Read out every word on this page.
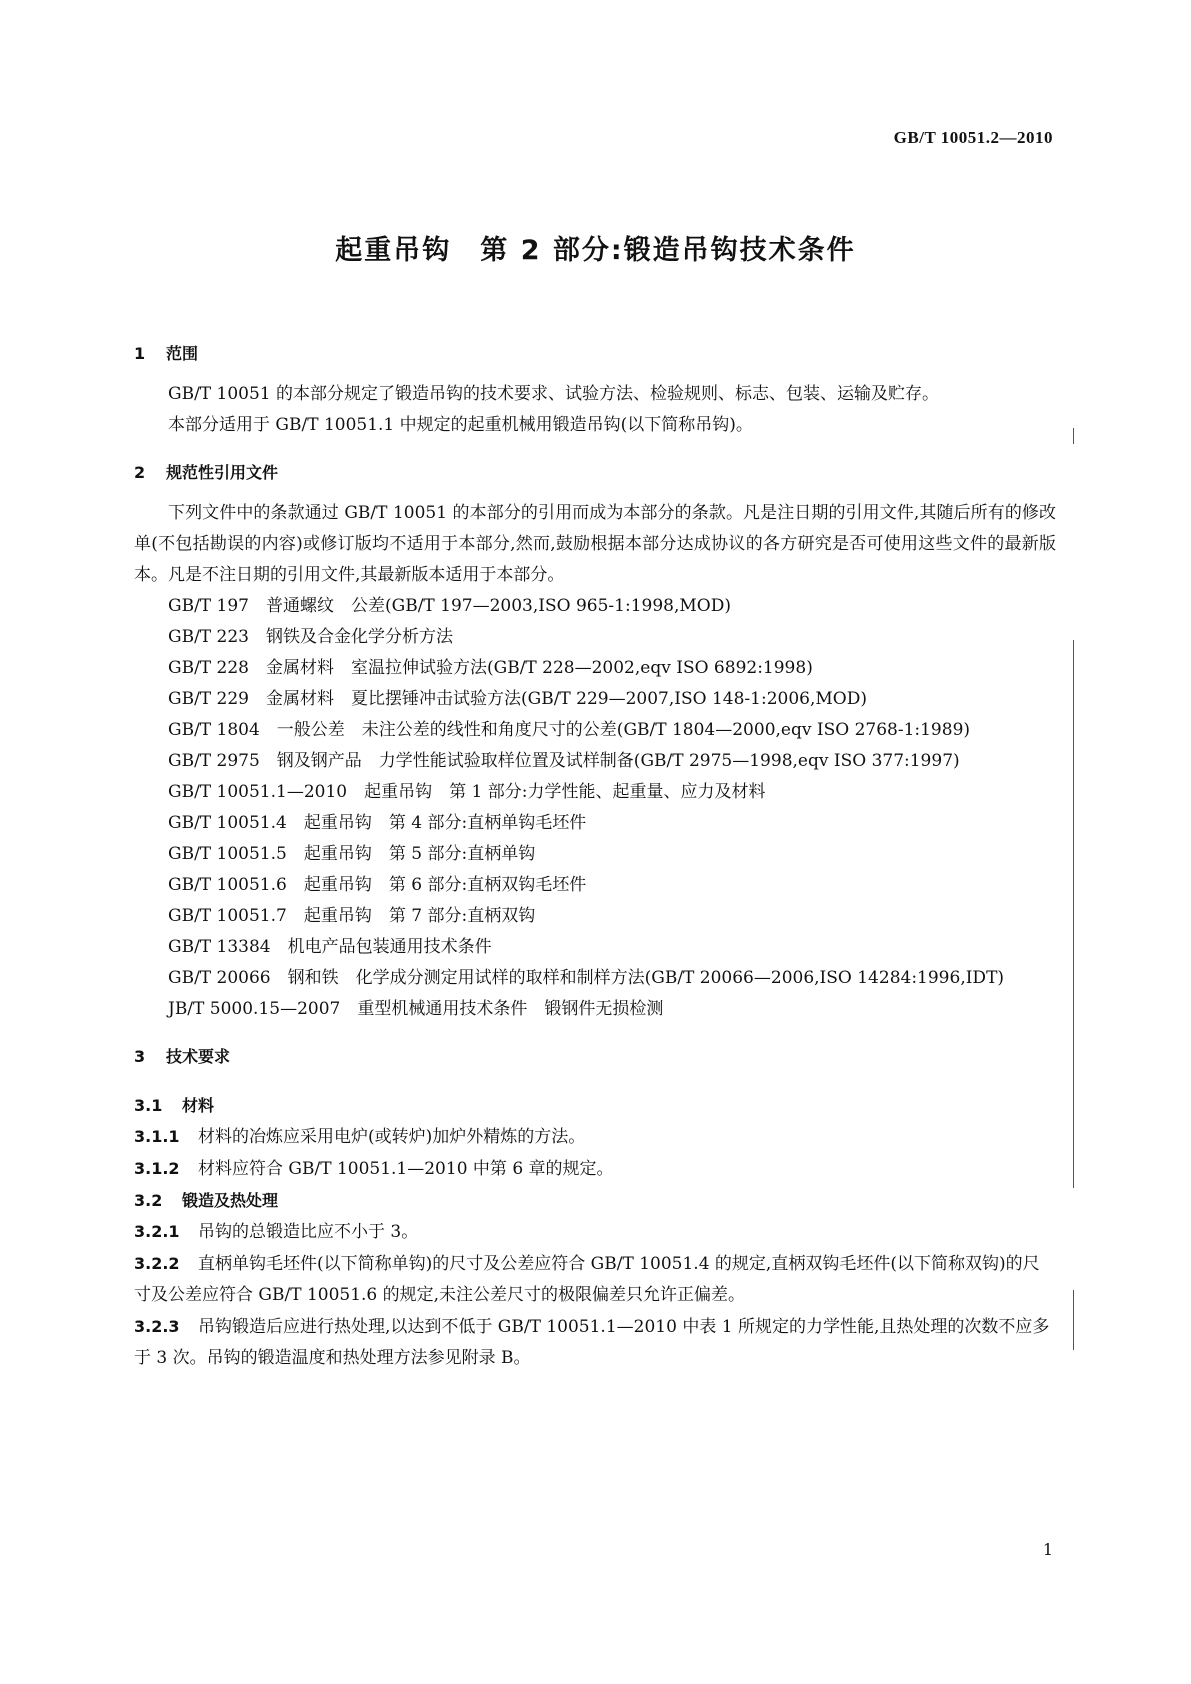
GB/T 10051.2—2010
起重吊钩　第 2 部分:锻造吊钩技术条件
1 范围

GB/T 10051 的本部分规定了锻造吊钩的技术要求、试验方法、检验规则、标志、包装、运输及贮存。

本部分适用于 GB/T 10051.1 中规定的起重机械用锻造吊钩(以下简称吊钩)。

2 规范性引用文件

下列文件中的条款通过 GB/T 10051 的本部分的引用而成为本部分的条款。凡是注日期的引用文件,其随后所有的修改单(不包括勘误的内容)或修订版均不适用于本部分,然而,鼓励根据本部分达成协议的各方研究是否可使用这些文件的最新版本。凡是不注日期的引用文件,其最新版本适用于本部分。

GB/T 197　普通螺纹　公差(GB/T 197—2003,ISO 965-1:1998,MOD)

GB/T 223　钢铁及合金化学分析方法

GB/T 228　金属材料　室温拉伸试验方法(GB/T 228—2002,eqv ISO 6892:1998)

GB/T 229　金属材料　夏比摆锤冲击试验方法(GB/T 229—2007,ISO 148-1:2006,MOD)

GB/T 1804　一般公差　未注公差的线性和角度尺寸的公差(GB/T 1804—2000,eqv ISO 2768-1:1989)

GB/T 2975　钢及钢产品　力学性能试验取样位置及试样制备(GB/T 2975—1998,eqv ISO 377:1997)

GB/T 10051.1—2010　起重吊钩　第 1 部分:力学性能、起重量、应力及材料

GB/T 10051.4　起重吊钩　第 4 部分:直柄单钩毛坯件

GB/T 10051.5　起重吊钩　第 5 部分:直柄单钩

GB/T 10051.6　起重吊钩　第 6 部分:直柄双钩毛坯件

GB/T 10051.7　起重吊钩　第 7 部分:直柄双钩

GB/T 13384　机电产品包装通用技术条件

GB/T 20066　钢和铁　化学成分测定用试样的取样和制样方法(GB/T 20066—2006,ISO 14284:1996,IDT)

JB/T 5000.15—2007　重型机械通用技术条件　锻钢件无损检测

3 技术要求
3.1 材料

3.1.1 材料的冶炼应采用电炉(或转炉)加炉外精炼的方法。

3.1.2 材料应符合 GB/T 10051.1—2010 中第 6 章的规定。

3.2 锻造及热处理

3.2.1 吊钩的总锻造比应不小于 3。

3.2.2 直柄单钩毛坯件(以下简称单钩)的尺寸及公差应符合 GB/T 10051.4 的规定,直柄双钩毛坯件(以下简称双钩)的尺寸及公差应符合 GB/T 10051.6 的规定,未注公差尺寸的极限偏差只允许正偏差。

3.2.3 吊钩锻造后应进行热处理,以达到不低于 GB/T 10051.1—2010 中表 1 所规定的力学性能,且热处理的次数不应多于 3 次。吊钩的锻造温度和热处理方法参见附录 B。

1
